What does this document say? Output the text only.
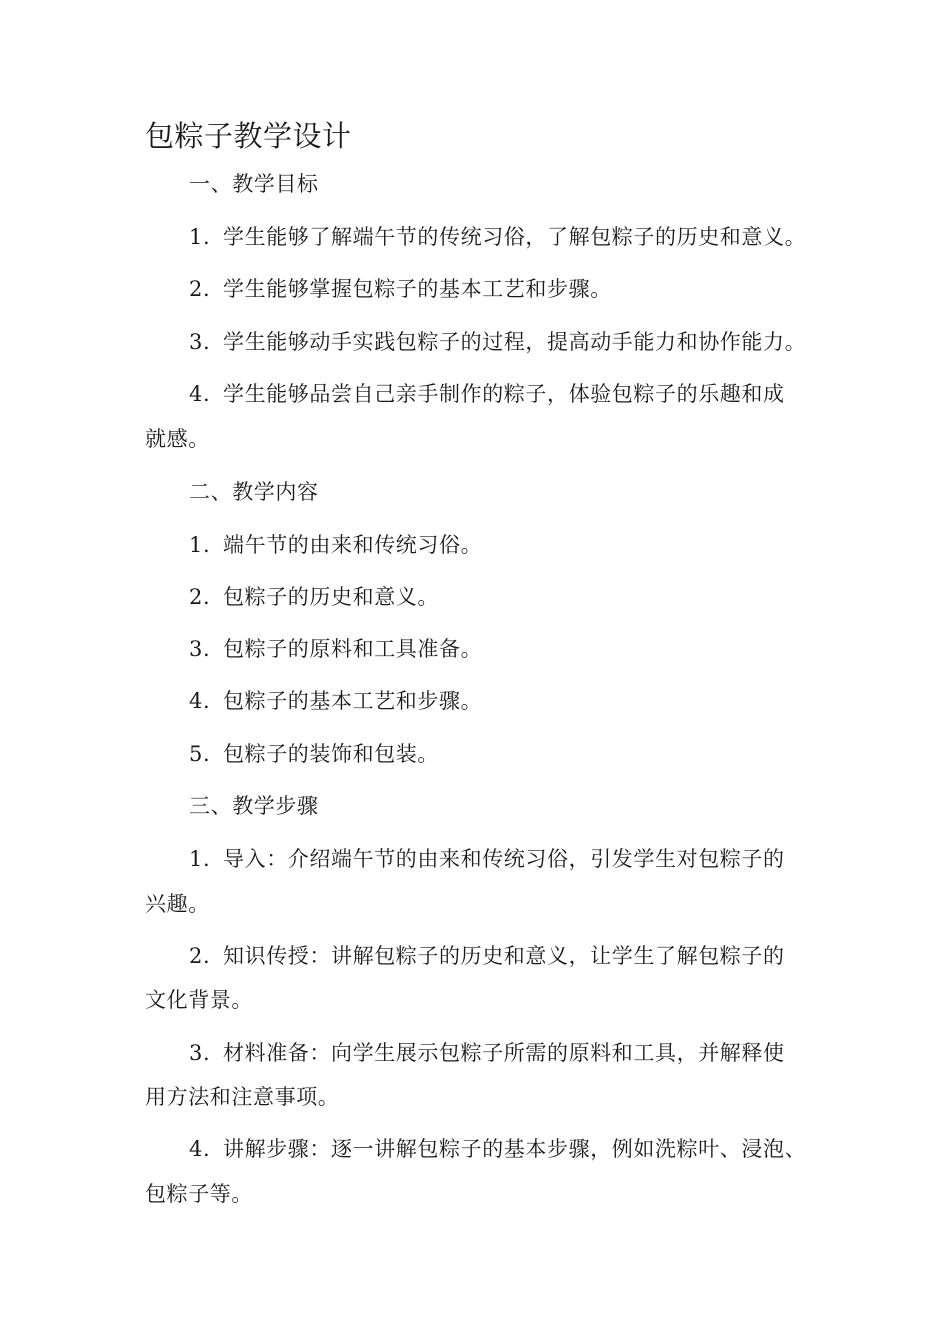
包粽子教学设计
一、教学目标
1. 学生能够了解端午节的传统习俗，了解包粽子的历史和意义。
2. 学生能够掌握包粽子的基本工艺和步骤。
3. 学生能够动手实践包粽子的过程，提高动手能力和协作能力。
4. 学生能够品尝自己亲手制作的粽子，体验包粽子的乐趣和成
就感。
二、教学内容
1. 端午节的由来和传统习俗。
2. 包粽子的历史和意义。
3. 包粽子的原料和工具准备。
4. 包粽子的基本工艺和步骤。
5. 包粽子的装饰和包装。
三、教学步骤
1. 导入：介绍端午节的由来和传统习俗，引发学生对包粽子的
兴趣。
2. 知识传授：讲解包粽子的历史和意义，让学生了解包粽子的
文化背景。
3. 材料准备：向学生展示包粽子所需的原料和工具，并解释使
用方法和注意事项。
4. 讲解步骤：逐一讲解包粽子的基本步骤，例如洗粽叶、浸泡、
包粽子等。
